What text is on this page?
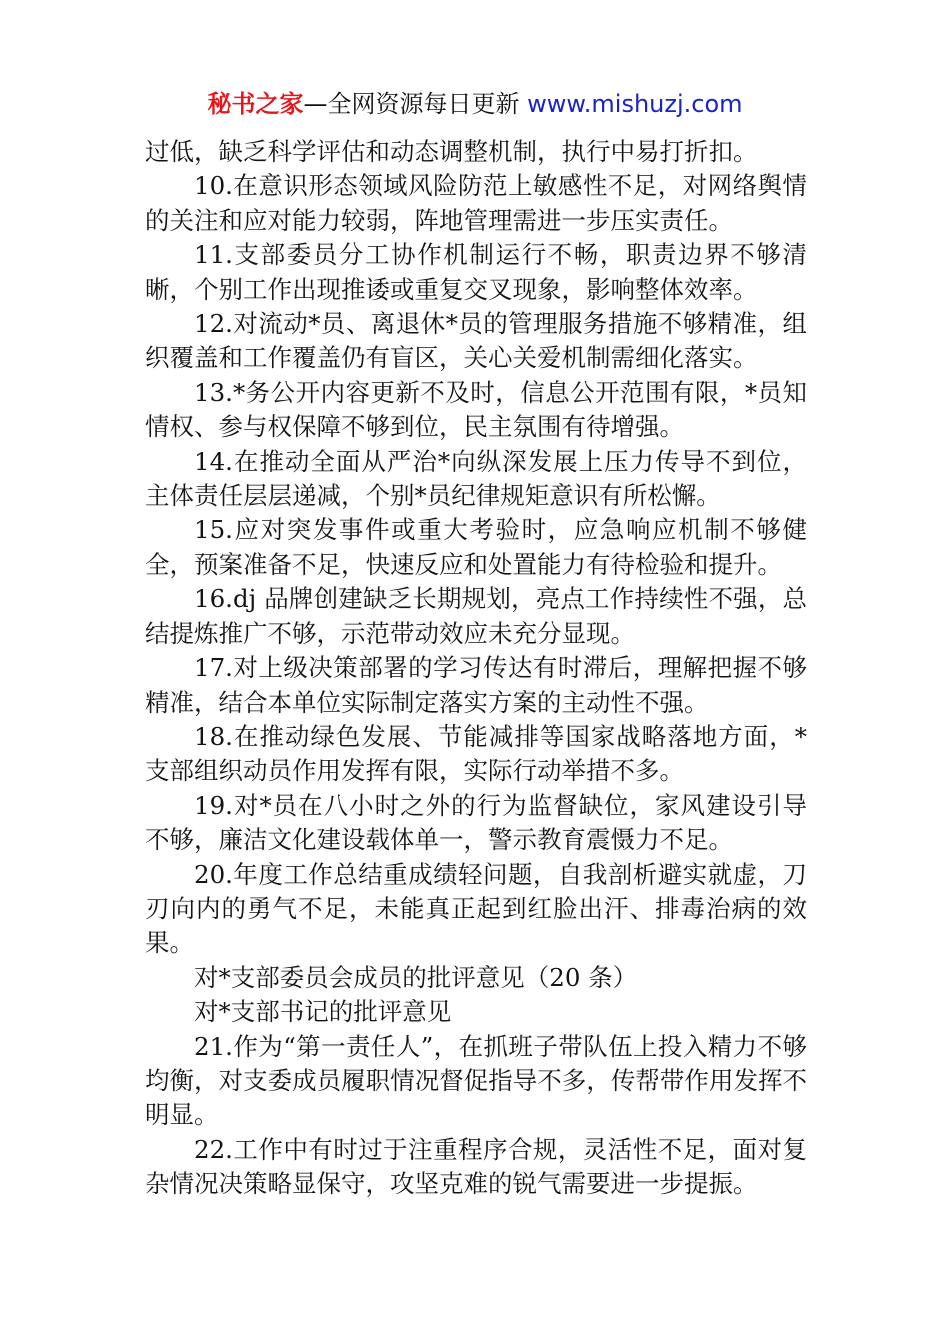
秘书之家—全网资源每日更新 www.mishuzj.com

过低，缺乏科学评估和动态调整机制，执行中易打折扣。

10.在意识形态领域风险防范上敏感性不足，对网络舆情的关注和应对能力较弱，阵地管理需进一步压实责任。

11.支部委员分工协作机制运行不畅，职责边界不够清晰，个别工作出现推诿或重复交叉现象，影响整体效率。

12.对流动*员、离退休*员的管理服务措施不够精准，组织覆盖和工作覆盖仍有盲区，关心关爱机制需细化落实。

13.*务公开内容更新不及时，信息公开范围有限，*员知情权、参与权保障不够到位，民主氛围有待增强。

14.在推动全面从严治*向纵深发展上压力传导不到位，主体责任层层递减，个别*员纪律规矩意识有所松懈。

15.应对突发事件或重大考验时，应急响应机制不够健全，预案准备不足，快速反应和处置能力有待检验和提升。

16.dj 品牌创建缺乏长期规划，亮点工作持续性不强，总结提炼推广不够，示范带动效应未充分显现。

17.对上级决策部署的学习传达有时滞后，理解把握不够精准，结合本单位实际制定落实方案的主动性不强。

18.在推动绿色发展、节能减排等国家战略落地方面，*支部组织动员作用发挥有限，实际行动举措不多。

19.对*员在八小时之外的行为监督缺位，家风建设引导不够，廉洁文化建设载体单一，警示教育震慑力不足。

20.年度工作总结重成绩轻问题，自我剖析避实就虚，刀刃向内的勇气不足，未能真正起到红脸出汗、排毒治病的效果。

对*支部委员会成员的批评意见（20 条）

对*支部书记的批评意见

21.作为“第一责任人”，在抓班子带队伍上投入精力不够均衡，对支委成员履职情况督促指导不多，传帮带作用发挥不明显。

22.工作中有时过于注重程序合规，灵活性不足，面对复杂情况决策略显保守，攻坚克难的锐气需要进一步提振。
